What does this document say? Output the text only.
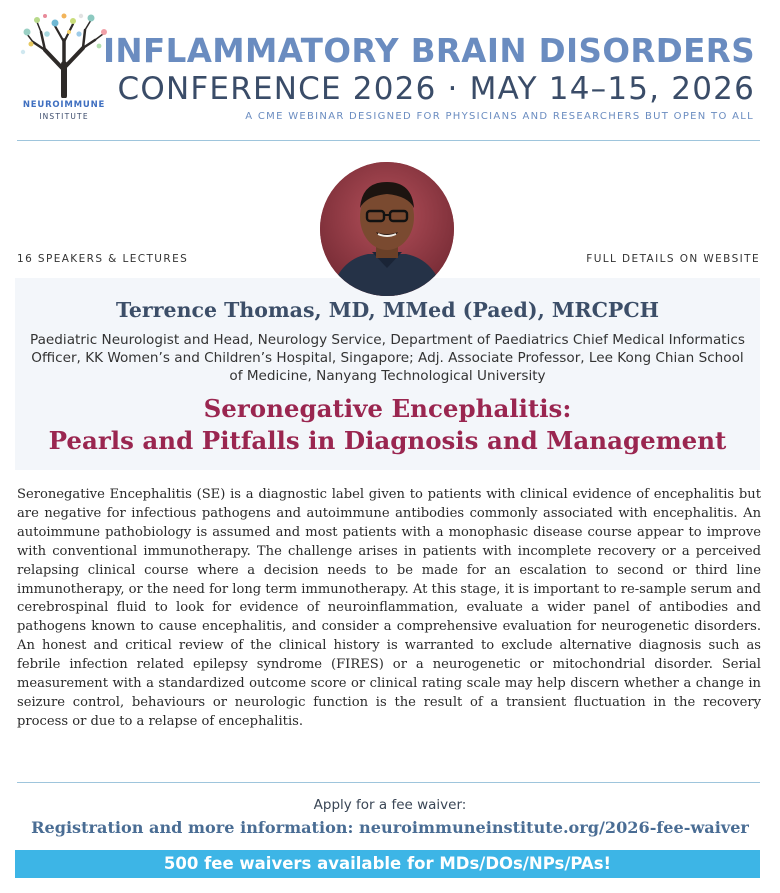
NEUROIMMUNE
INSTITUTE
INFLAMMATORY BRAIN DISORDERS
CONFERENCE 2026 · MAY 14–15, 2026
A CME WEBINAR DESIGNED FOR PHYSICIANS AND RESEARCHERS BUT OPEN TO ALL
16 SPEAKERS & LECTURES	FULL DETAILS ON WEBSITE
Terrence Thomas, MD, MMed (Paed), MRCPCH
Paediatric Neurologist and Head, Neurology Service, Department of Paediatrics Chief Medical Informatics Officer, KK Women’s and Children’s Hospital, Singapore; Adj. Associate Professor, Lee Kong Chian School of Medicine, Nanyang Technological University
Seronegative Encephalitis:
Pearls and Pitfalls in Diagnosis and Management

Seronegative Encephalitis (SE) is a diagnostic label given to patients with clinical evidence of encephalitis but are negative for infectious pathogens and autoimmune antibodies commonly associated with encephalitis. An autoimmune pathobiology is assumed and most patients with a monophasic disease course appear to improve with conventional immunotherapy. The challenge arises in patients with incomplete recovery or a perceived relapsing clinical course where a decision needs to be made for an escalation to second or third line immunotherapy, or the need for long term immunotherapy. At this stage, it is important to re-sample serum and cerebrospinal fluid to look for evidence of neuroinflammation, evaluate a wider panel of antibodies and pathogens known to cause encephalitis, and consider a comprehensive evaluation for neurogenetic disorders. An honest and critical review of the clinical history is warranted to exclude alternative diagnosis such as febrile infection related epilepsy syndrome (FIRES) or a neurogenetic or mitochondrial disorder. Serial measurement with a standardized outcome score or clinical rating scale may help discern whether a change in seizure control, behaviours or neurologic function is the result of a transient fluctuation in the recovery process or due to a relapse of encephalitis.

Apply for a fee waiver:
Registration and more information: neuroimmuneinstitute.org/2026-fee-waiver
500 fee waivers available for MDs/DOs/NPs/PAs!
